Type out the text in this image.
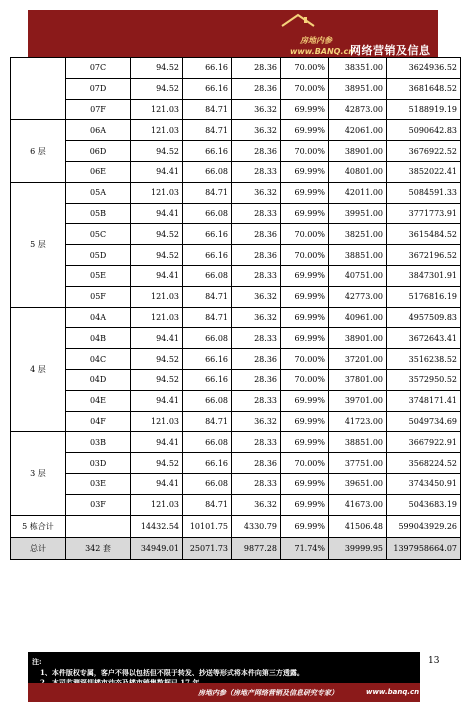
房地内参
www.BANQ.cn
网络营销及信息
	07C	94.52	66.16	28.36	70.00%	38351.00	3624936.52
	07D	94.52	66.16	28.36	70.00%	38951.00	3681648.52
	07F	121.03	84.71	36.32	69.99%	42873.00	5188919.19
6 层	06A	121.03	84.71	36.32	69.99%	42061.00	5090642.83
	06D	94.52	66.16	28.36	70.00%	38901.00	3676922.52
	06E	94.41	66.08	28.33	69.99%	40801.00	3852022.41
5 层	05A	121.03	84.71	36.32	69.99%	42011.00	5084591.33
	05B	94.41	66.08	28.33	69.99%	39951.00	3771773.91
	05C	94.52	66.16	28.36	70.00%	38251.00	3615484.52
	05D	94.52	66.16	28.36	70.00%	38851.00	3672196.52
	05E	94.41	66.08	28.33	69.99%	40751.00	3847301.91
	05F	121.03	84.71	36.32	69.99%	42773.00	5176816.19
4 层	04A	121.03	84.71	36.32	69.99%	40961.00	4957509.83
	04B	94.41	66.08	28.33	69.99%	38901.00	3672643.41
	04C	94.52	66.16	28.36	70.00%	37201.00	3516238.52
	04D	94.52	66.16	28.36	70.00%	37801.00	3572950.52
	04E	94.41	66.08	28.33	69.99%	39701.00	3748171.41
	04F	121.03	84.71	36.32	69.99%	41723.00	5049734.69
3 层	03B	94.41	66.08	28.33	69.99%	38851.00	3667922.91
	03D	94.52	66.16	28.36	70.00%	37751.00	3568224.52
	03E	94.41	66.08	28.33	69.99%	39651.00	3743450.91
	03F	121.03	84.71	36.32	69.99%	41673.00	5043683.19
5 栋合计		14432.54	10101.75	4330.79	69.99%	41506.48	599043929.26
总计	342 套	34949.01	25071.73	9877.28	71.74%	39999.95	1397958664.07
13
注:
1、本件版权专属，客户不得以包括但不限于转发、抄送等形式将本件向第三方透露。
房地内参（房地产网络营销及信息研究专家）	www.banq.cn
